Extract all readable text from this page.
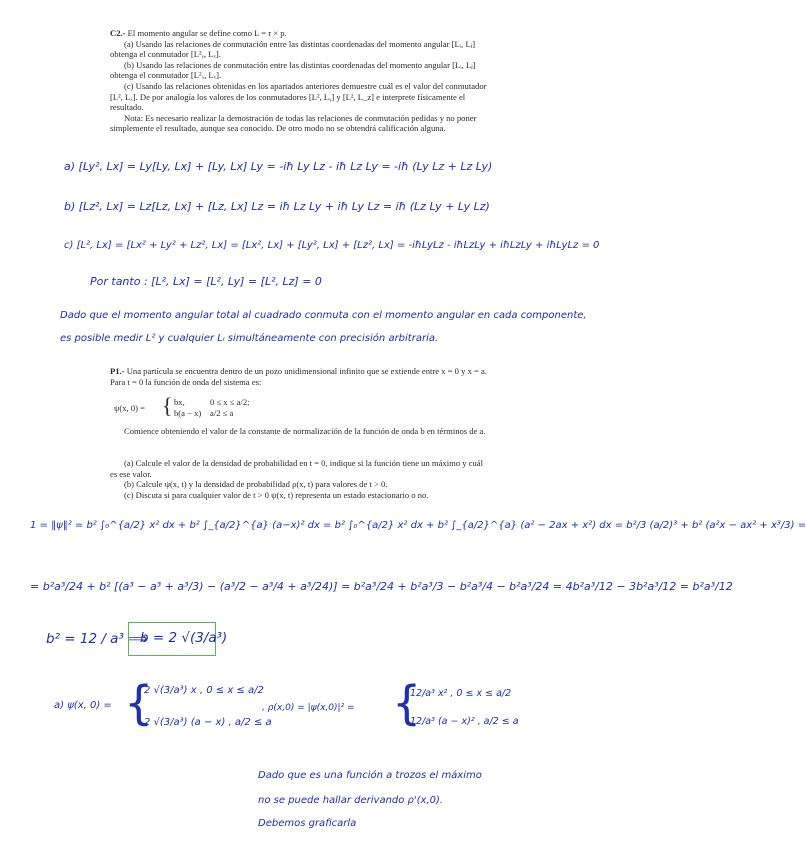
C2.- El momento angular se define como L = r × p.

(a) Usando las relaciones de conmutación entre las distintas coordenadas del momento angular [Lᵢ, Lⱼ] obtenga el conmutador [L²ᵧ, Lₓ].

(b) Usando las relaciones de conmutación entre las distintas coordenadas del momento angular [Lᵢ, Lⱼ] obtenga el conmutador [L²ₓ, Lₓ].

(c) Usando las relaciones obtenidas en los apartados anteriores demuestre cuál es el valor del conmutador [L², Lₓ]. De por analogía los valores de los conmutadores [L², Lᵧ] y [L², L_z] e interprete físicamente el resultado.

Nota: Es necesario realizar la demostración de todas las relaciones de conmutación pedidas y no poner simplemente el resultado, aunque sea conocido. De otro modo no se obtendrá calificación alguna.

a) [Ly², Lx] = Ly[Ly, Lx] + [Ly, Lx] Ly = -iħ Ly Lz - iħ Lz Ly = -iħ (Ly Lz + Lz Ly)
b) [Lz², Lx] = Lz[Lz, Lx] + [Lz, Lx] Lz = iħ Lz Ly + iħ Ly Lz = iħ (Lz Ly + Ly Lz)
c) [L², Lx] = [Lx² + Ly² + Lz², Lx] = [Lx², Lx] + [Ly², Lx] + [Lz², Lx] = -iħLyLz - iħLzLy + iħLzLy + iħLyLz = 0
Por tanto : [L², Lx] = [L², Ly] = [L², Lz] = 0
Dado que el momento angular total al cuadrado conmuta con el momento angular en cada componente,
es posible medir L² y cualquier Lᵢ simultáneamente con precisión arbitraria.

P1.- Una partícula se encuentra dentro de un pozo unidimensional infinito que se extiende entre x = 0 y x = a. Para t = 0 la función de onda del sistema es:

ψ(x, 0) = { bx,	0 ≤ x ≤ a/2;
b(a − x) a/2 ≤ a

Comience obteniendo el valor de la constante de normalización de la función de onda b en términos de a.

(a) Calcule el valor de la densidad de probabilidad en t = 0, indique si la función tiene un máximo y cuál es ese valor.

(b) Calcule ψ(x, t) y la densidad de probabilidad ρ(x, t) para valores de t > 0.

(c) Discuta si para cualquier valor de t > 0 ψ(x, t) representa un estado estacionario o no.

1 = ‖ψ‖² = b² ∫₀^{a/2} x² dx + b² ∫_{a/2}^{a} (a−x)² dx = b² ∫₀^{a/2} x² dx + b² ∫_{a/2}^{a} (a² − 2ax + x²) dx = b²/3 (a/2)³ + b² (a²x − ax² + x³/3) =
= b²a³/24 + b² [(a³ − a³ + a³/3) − (a³/2 − a³/4 + a³/24)] = b²a³/24 + b²a³/3 − b²a³/4 − b²a³/24 = 4b²a³/12 − 3b²a³/12 = b²a³/12
b² = 12 / a³ ⟹
b = 2 √(3/a³)
a) ψ(x, 0) = {
2 √(3/a³) x , 0 ≤ x ≤ a/2
2 √(3/a³) (a − x) , a/2 ≤ a
, ρ(x,0) = |ψ(x,0)|² = {
12/a³ x² , 0 ≤ x ≤ a/2
12/a³ (a − x)² , a/2 ≤ a
Dado que es una función a trozos el máximo
no se puede hallar derivando ρ'(x,0).
Debemos graficarla
